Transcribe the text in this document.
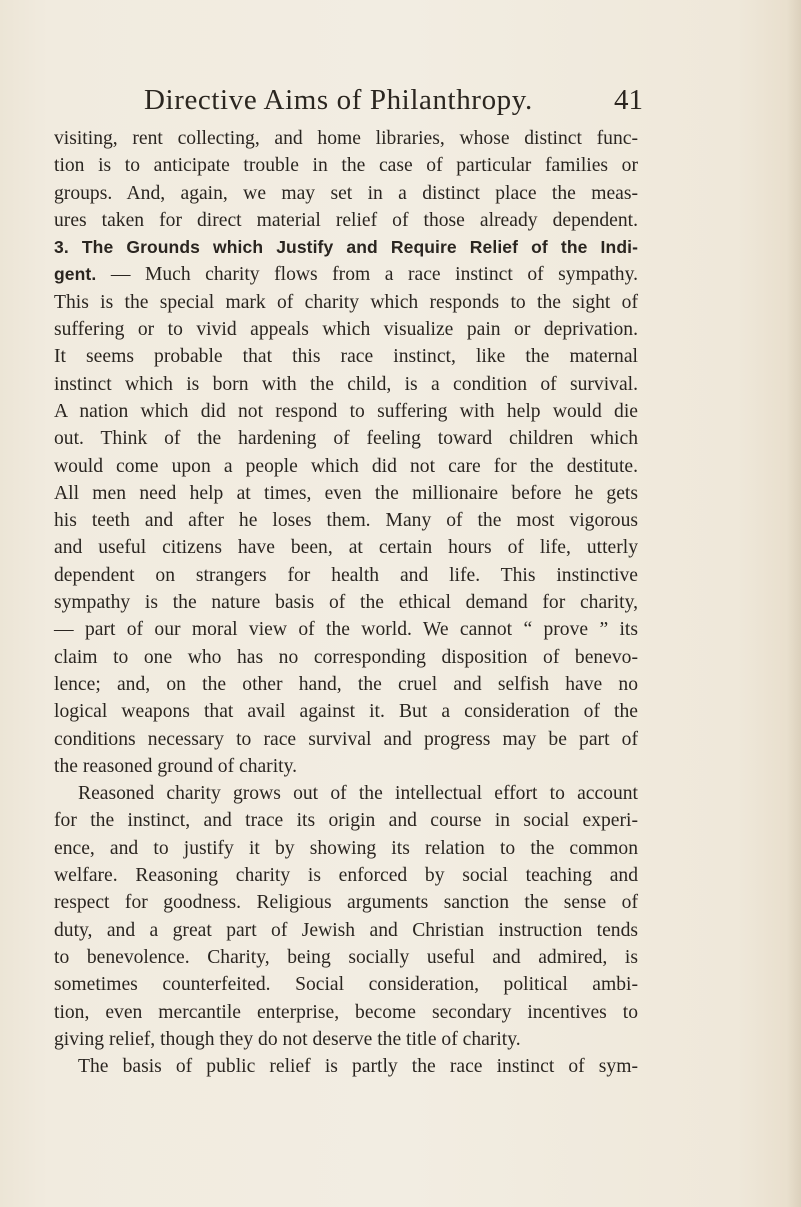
Directive Aims of Philanthropy.	41
visiting, rent collecting, and home libraries, whose distinct func-
tion is to anticipate trouble in the case of particular families or
groups. And, again, we may set in a distinct place the meas-
ures taken for direct material relief of those already dependent.
3. The Grounds which Justify and Require Relief of the Indi-
gent. — Much charity flows from a race instinct of sympathy.
This is the special mark of charity which responds to the sight of
suffering or to vivid appeals which visualize pain or deprivation.
It seems probable that this race instinct, like the maternal
instinct which is born with the child, is a condition of survival.
A nation which did not respond to suffering with help would die
out. Think of the hardening of feeling toward children which
would come upon a people which did not care for the destitute.
All men need help at times, even the millionaire before he gets
his teeth and after he loses them. Many of the most vigorous
and useful citizens have been, at certain hours of life, utterly
dependent on strangers for health and life. This instinctive
sympathy is the nature basis of the ethical demand for charity,
— part of our moral view of the world. We cannot “ prove ” its
claim to one who has no corresponding disposition of benevo-
lence; and, on the other hand, the cruel and selfish have no
logical weapons that avail against it. But a consideration of the
conditions necessary to race survival and progress may be part of
the reasoned ground of charity.
Reasoned charity grows out of the intellectual effort to account
for the instinct, and trace its origin and course in social experi-
ence, and to justify it by showing its relation to the common
welfare. Reasoning charity is enforced by social teaching and
respect for goodness. Religious arguments sanction the sense of
duty, and a great part of Jewish and Christian instruction tends
to benevolence. Charity, being socially useful and admired, is
sometimes counterfeited. Social consideration, political ambi-
tion, even mercantile enterprise, become secondary incentives to
giving relief, though they do not deserve the title of charity.
The basis of public relief is partly the race instinct of sym-
